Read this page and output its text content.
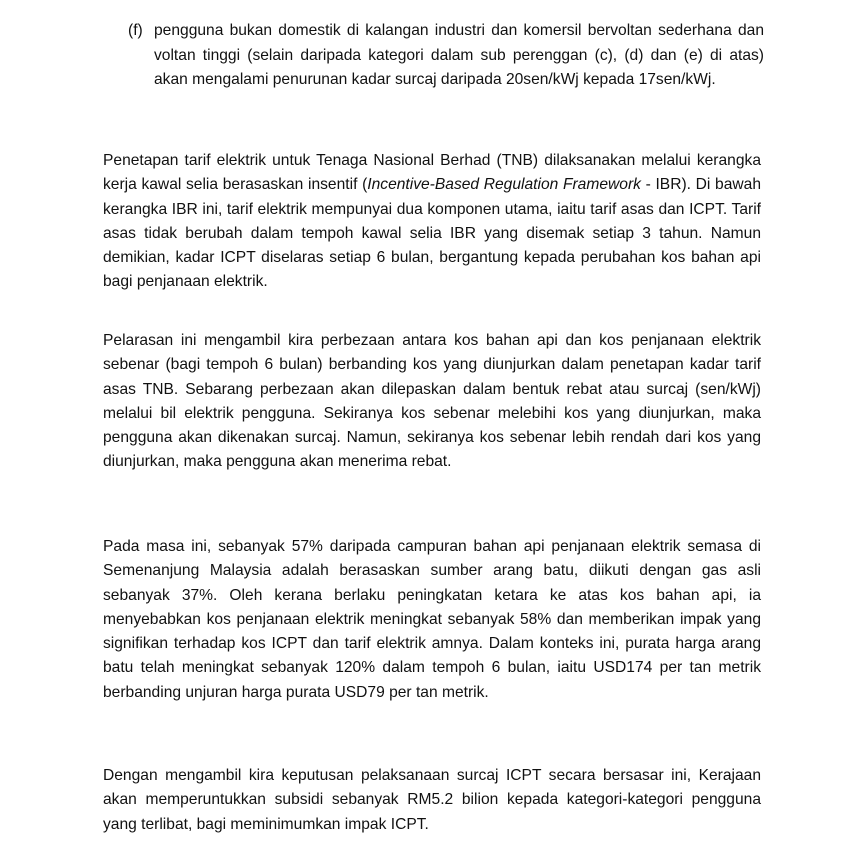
(f) pengguna bukan domestik di kalangan industri dan komersil bervoltan sederhana dan voltan tinggi (selain daripada kategori dalam sub perenggan (c), (d) dan (e) di atas) akan mengalami penurunan kadar surcaj daripada 20sen/kWj kepada 17sen/kWj.

Penetapan tarif elektrik untuk Tenaga Nasional Berhad (TNB) dilaksanakan melalui kerangka kerja kawal selia berasaskan insentif (Incentive-Based Regulation Framework - IBR). Di bawah kerangka IBR ini, tarif elektrik mempunyai dua komponen utama, iaitu tarif asas dan ICPT. Tarif asas tidak berubah dalam tempoh kawal selia IBR yang disemak setiap 3 tahun. Namun demikian, kadar ICPT diselaras setiap 6 bulan, bergantung kepada perubahan kos bahan api bagi penjanaan elektrik.

Pelarasan ini mengambil kira perbezaan antara kos bahan api dan kos penjanaan elektrik sebenar (bagi tempoh 6 bulan) berbanding kos yang diunjurkan dalam penetapan kadar tarif asas TNB. Sebarang perbezaan akan dilepaskan dalam bentuk rebat atau surcaj (sen/kWj) melalui bil elektrik pengguna. Sekiranya kos sebenar melebihi kos yang diunjurkan, maka pengguna akan dikenakan surcaj. Namun, sekiranya kos sebenar lebih rendah dari kos yang diunjurkan, maka pengguna akan menerima rebat.

Pada masa ini, sebanyak 57% daripada campuran bahan api penjanaan elektrik semasa di Semenanjung Malaysia adalah berasaskan sumber arang batu, diikuti dengan gas asli sebanyak 37%. Oleh kerana berlaku peningkatan ketara ke atas kos bahan api, ia menyebabkan kos penjanaan elektrik meningkat sebanyak 58% dan memberikan impak yang signifikan terhadap kos ICPT dan tarif elektrik amnya. Dalam konteks ini, purata harga arang batu telah meningkat sebanyak 120% dalam tempoh 6 bulan, iaitu USD174 per tan metrik berbanding unjuran harga purata USD79 per tan metrik.

Dengan mengambil kira keputusan pelaksanaan surcaj ICPT secara bersasar ini, Kerajaan akan memperuntukkan subsidi sebanyak RM5.2 bilion kepada kategori-kategori pengguna yang terlibat, bagi meminimumkan impak ICPT.
